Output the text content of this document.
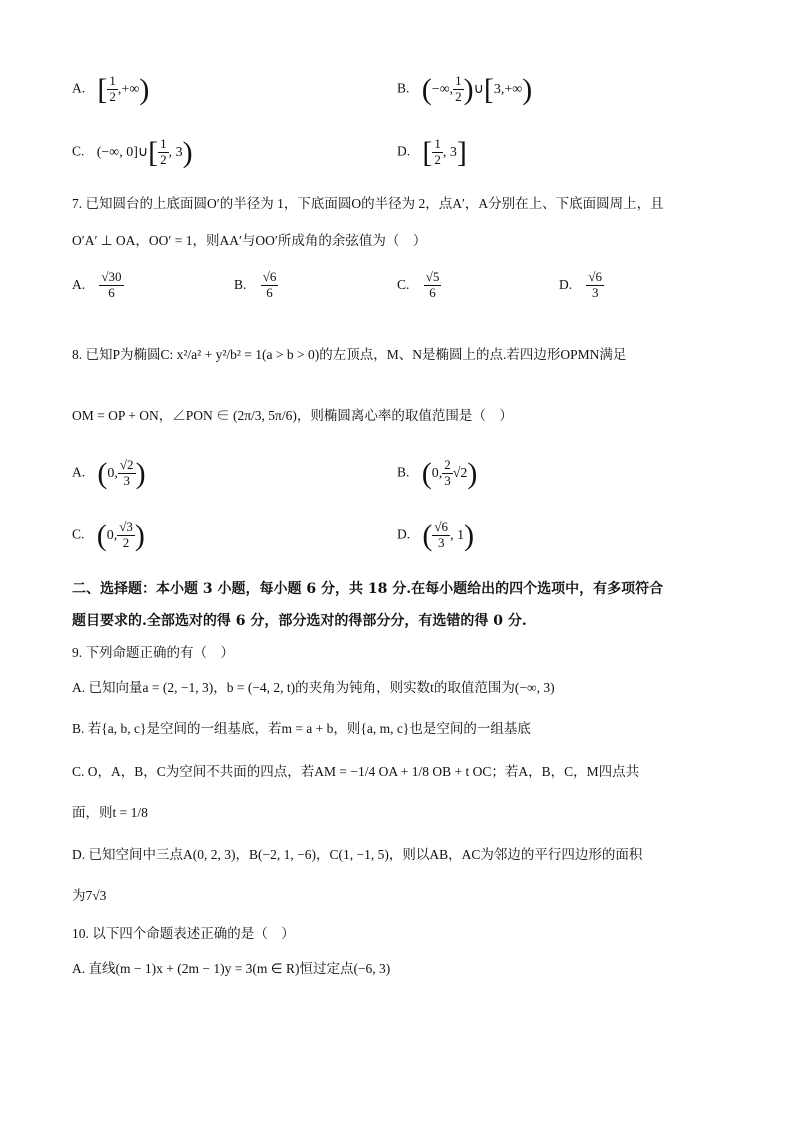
A. [ $\frac{1}{2}$ ,+∞)	B. (−∞, $\frac{1}{2}$ )∪[3,+∞)
C. (−∞, 0]∪[ $\frac{1}{2}$ , 3)	D. [ $\frac{1}{2}$ , 3]
7. 已知圆台的上底面圆O′的半径为 1，下底面圆O的半径为 2，点A′，A分别在上、下底面圆周上，且
O′A′ ⊥ OA，OO′ = 1，则AA′与OO′所成角的余弦值为（　）
A. $\frac{√30}{6}$	B. $\frac{√6}{6}$	C. $\frac{√5}{6}$	D. $\frac{√6}{3}$
8. 已知P为椭圆C: x²/a² + y²/b² = 1(a > b > 0)的左顶点，M、N是椭圆上的点.若四边形OPMN满足
OM = OP + ON，∠PON ∈ (2π/3, 5π/6)，则椭圆离心率的取值范围是（　）
A. (0, $\frac{√2}{3}$ )	B. (0, $\frac{2}{3} √2$)
C. (0, $\frac{√3}{2}$ )	D. ( $\frac{√6}{3}$ , 1)
二、选择题：本小题 3 小题，每小题 6 分，共 18 分.在每小题给出的四个选项中，有多项符合
题目要求的.全部选对的得 6 分，部分选对的得部分分，有选错的得 0 分.
9. 下列命题正确的有（　）
A. 已知向量a = (2, −1, 3)，b = (−4, 2, t)的夹角为钝角，则实数t的取值范围为(−∞, 3)
B. 若{a, b, c}是空间的一组基底，若m = a + b，则{a, m, c}也是空间的一组基底
C. O，A，B，C为空间不共面的四点，若AM = −1/4 OA + 1/8 OB + t OC；若A，B，C，M四点共
面，则t = 1/8
D. 已知空间中三点A(0, 2, 3)，B(−2, 1, −6)，C(1, −1, 5)，则以AB，AC为邻边的平行四边形的面积
为7√3
10. 以下四个命题表述正确的是（　）
A. 直线(m − 1)x + (2m − 1)y = 3(m ∈ R)恒过定点(−6, 3)
